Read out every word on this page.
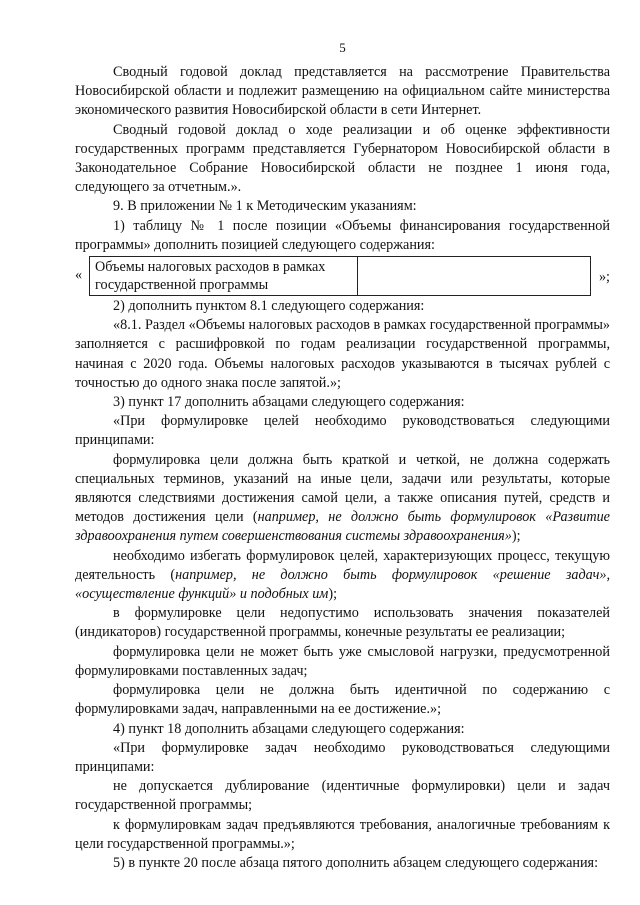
5

Сводный годовой доклад представляется на рассмотрение Правительства Новосибирской области и подлежит размещению на официальном сайте министерства экономического развития Новосибирской области в сети Интернет.

Сводный годовой доклад о ходе реализации и об оценке эффективности государственных программ представляется Губернатором Новосибирской области в Законодательное Собрание Новосибирской области не позднее 1 июня года, следующего за отчетным.».

9. В приложении № 1 к Методическим указаниям:

1) таблицу № 1 после позиции «Объемы финансирования государственной программы» дополнить позицией следующего содержания:

« Объемы налоговых расходов в рамках государственной программы	»;

2) дополнить пунктом 8.1 следующего содержания:

«8.1. Раздел «Объемы налоговых расходов в рамках государственной программы» заполняется с расшифровкой по годам реализации государственной программы, начиная с 2020 года. Объемы налоговых расходов указываются в тысячах рублей с точностью до одного знака после запятой.»;

3) пункт 17 дополнить абзацами следующего содержания:

«При формулировке целей необходимо руководствоваться следующими принципами:

формулировка цели должна быть краткой и четкой, не должна содержать специальных терминов, указаний на иные цели, задачи или результаты, которые являются следствиями достижения самой цели, а также описания путей, средств и методов достижения цели (например, не должно быть формулировок «Развитие здравоохранения путем совершенствования системы здравоохранения»);

необходимо избегать формулировок целей, характеризующих процесс, текущую деятельность (например, не должно быть формулировок «решение задач», «осуществление функций» и подобных им);

в формулировке цели недопустимо использовать значения показателей (индикаторов) государственной программы, конечные результаты ее реализации;

формулировка цели не может быть уже смысловой нагрузки, предусмотренной формулировками поставленных задач;

формулировка цели не должна быть идентичной по содержанию с формулировками задач, направленными на ее достижение.»;

4) пункт 18 дополнить абзацами следующего содержания:

«При формулировке задач необходимо руководствоваться следующими принципами:

не допускается дублирование (идентичные формулировки) цели и задач государственной программы;

к формулировкам задач предъявляются требования, аналогичные требованиям к цели государственной программы.»;

5) в пункте 20 после абзаца пятого дополнить абзацем следующего содержания:
